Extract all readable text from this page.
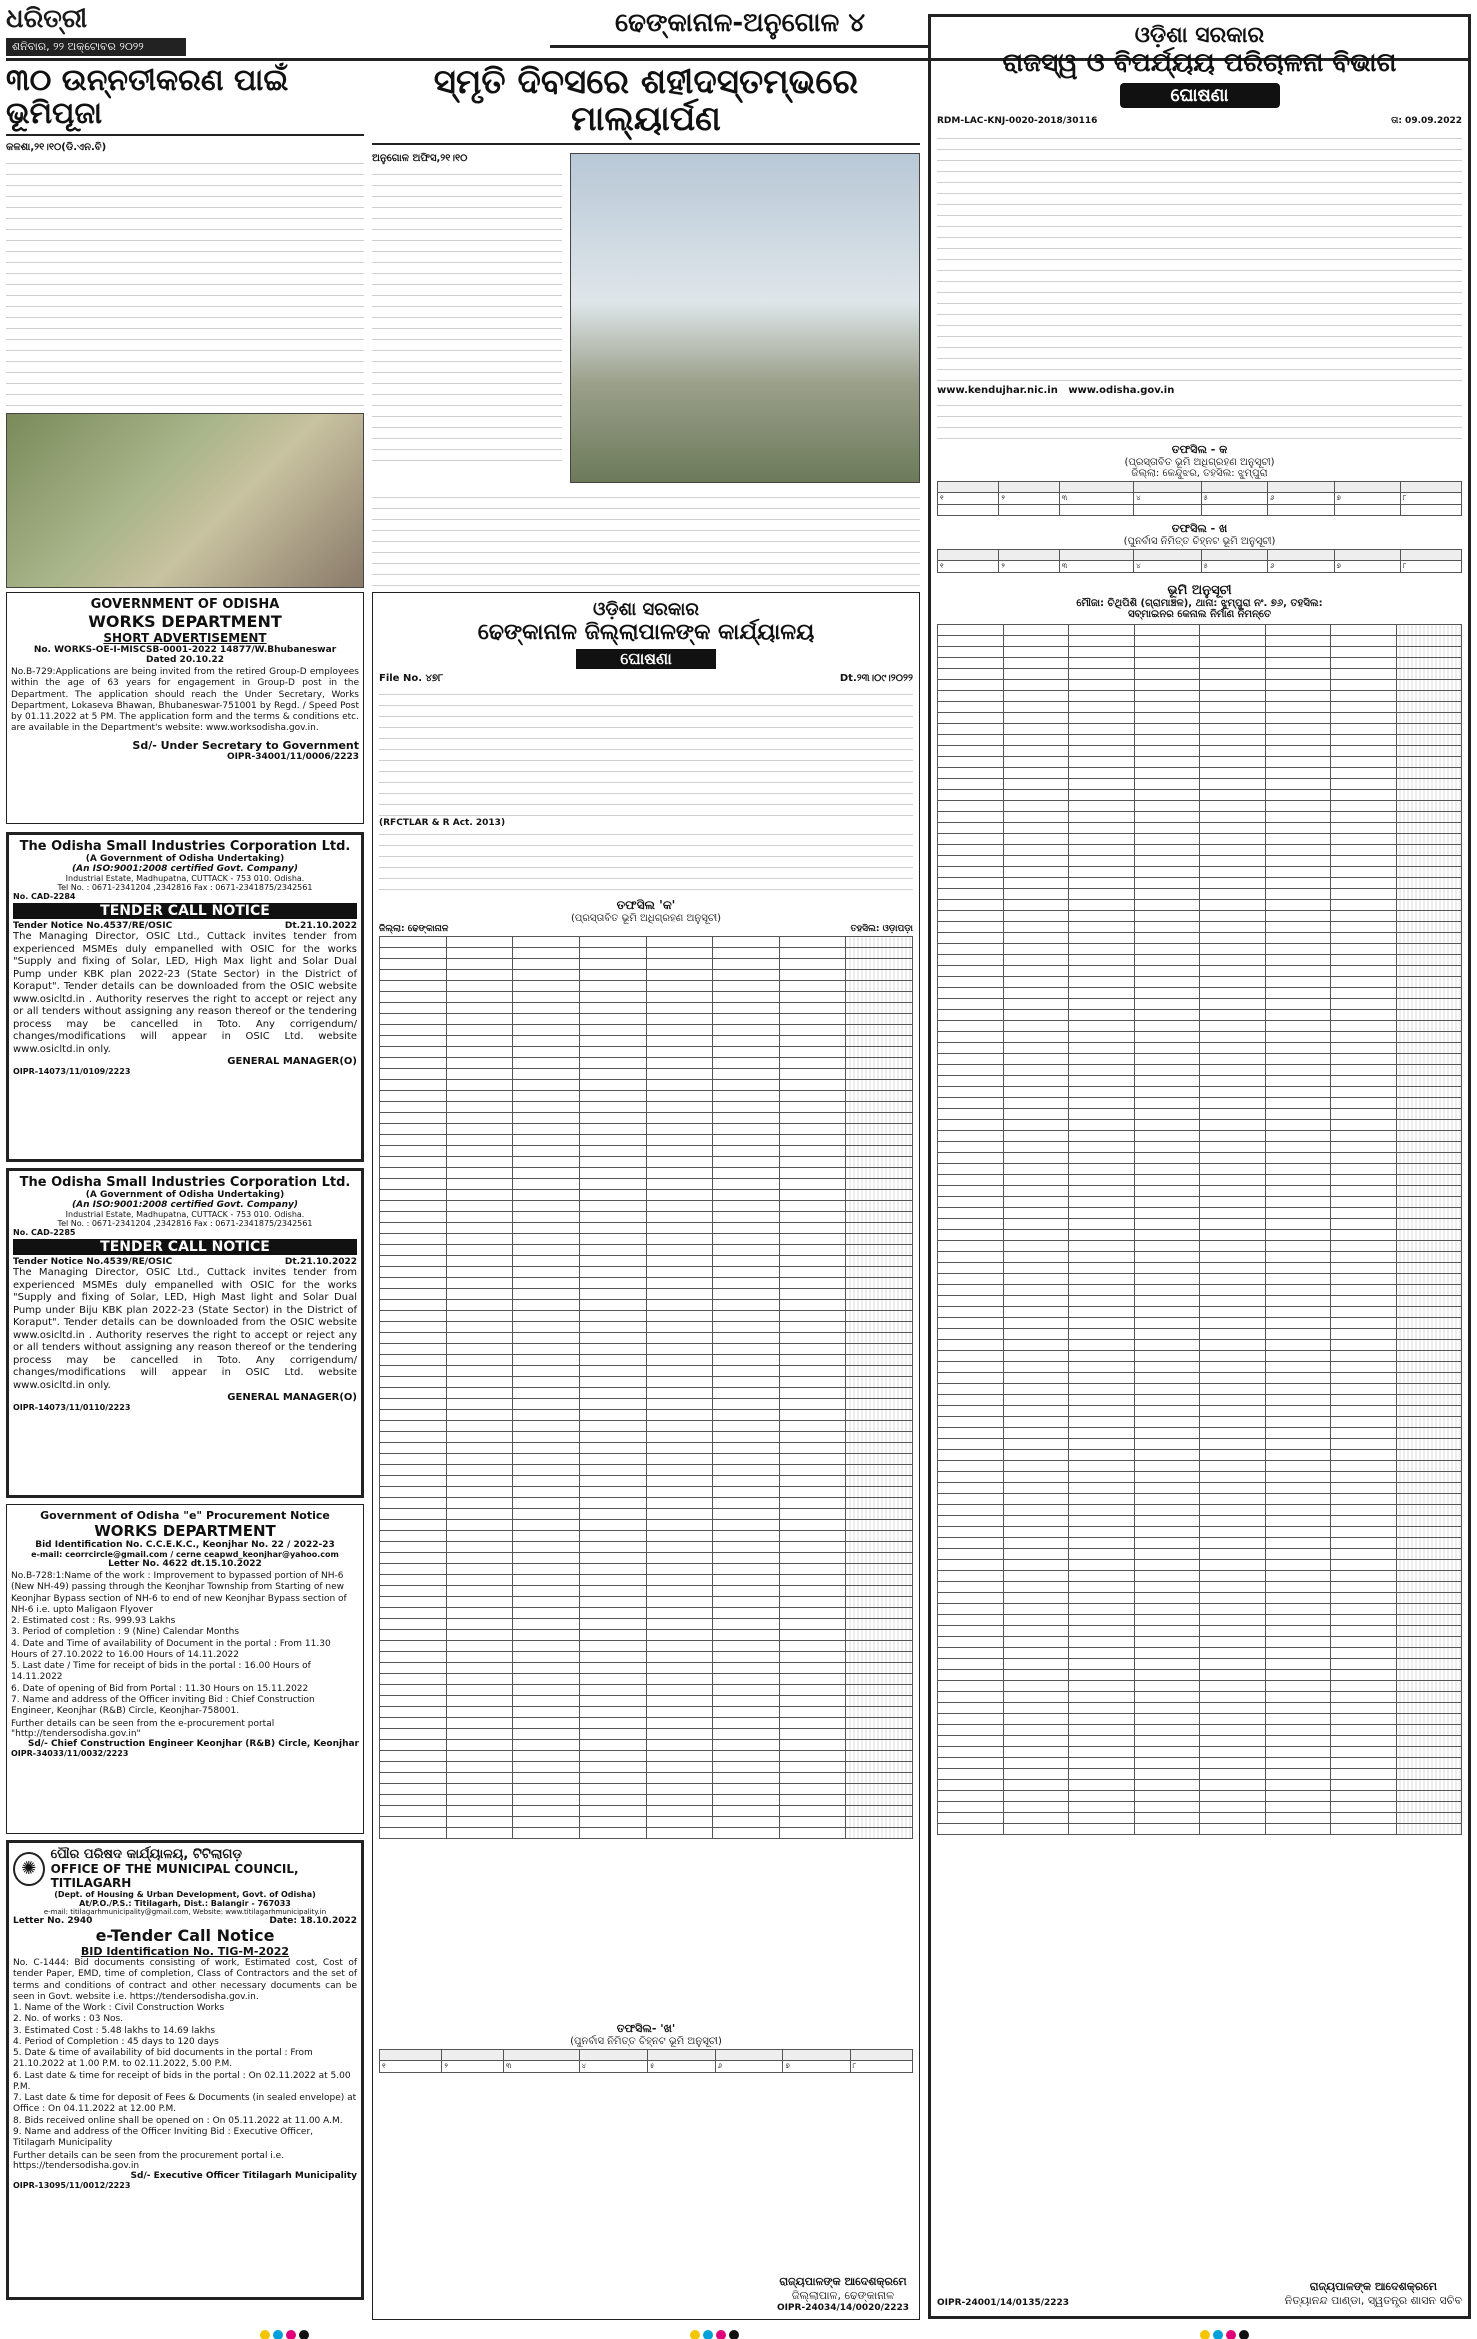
ଧରିତ୍ରୀ
ଶନିବାର, ୨୨ ଅକ୍ଟୋବର ୨୦୨୨
ଢେଙ୍କାନାଳ-ଅନୁଗୋଳ ୪
୩୦ ଉନ୍ନତୀକରଣ ପାଇଁ ଭୂମିପୂଜା
କଳଶା,୨୧।୧୦(ଡି.ଏନ.ବି)
ସ୍ମୃତି ଦିବସରେ ଶହୀଦସ୍ତମ୍ଭରେ ମାଲ୍ୟାର୍ପଣ
ଅନୁଗୋଳ ଅଫିସ,୨୧।୧୦
ଓଡ଼ିଶା ସରକାର
ରାଜସ୍ୱ ଓ ବିପର୍ଯ୍ୟୟ ପରିଚାଳନା ବିଭାଗ
ଘୋଷଣା
RDM-LAC-KNJ-0020-2018/30116	ତା: 09.09.2022
www.kendujhar.nic.in www.odisha.gov.in
ତଫସିଲ - କ
(ପ୍ରସ୍ତାବିତ ଭୂମି ଅଧିଗ୍ରହଣ ଅନୁସୂଚୀ)
ଜିଲ୍ଲା: କେନ୍ଦୁଝର, ତହସିଲ: ଝୁମ୍ପୁରା

୧	୨	୩	୪	୫	୬	୭	୮

ତଫସିଲ - ଖ
(ପୁନର୍ବାସ ନିମିତ୍ତ ଚିହ୍ନଟ ଭୂମି ଅନୁସୂଚୀ)

୧	୨	୩	୪	୫	୬	୭	୮
ଭୂମି ଅନୁସୂଚୀ
ମୌଜା: ଚିଥିପିଶି (ଗ୍ରାମାଞ୍ଚଳ), ଥାନା: ଝୁମ୍ପୁରା ନଂ. ୭୬, ତହସିଲ:
ସବ୍‌ମାଇନର କେନାଲ ନିର୍ମାଣ ନିମନ୍ତେ

OIPR-24001/14/0135/2223
ରାଜ୍ୟପାଳଙ୍କ ଆଦେଶକ୍ରମେ
ନିତ୍ୟାନନ୍ଦ ପାଣ୍ଡା, ସ୍ୱତନ୍ତ୍ର ଶାସନ ସଚିବ
GOVERNMENT OF ODISHA
WORKS DEPARTMENT
SHORT ADVERTISEMENT
No. WORKS-OE-I-MISCSB-0001-2022 14877/W.Bhubaneswar
Dated 20.10.22
No.B-729:Applications are being invited from the retired Group-D employees within the age of 63 years for engagement in Group-D post in the Department. The application should reach the Under Secretary, Works Department, Lokaseva Bhawan, Bhubaneswar-751001 by Regd. / Speed Post by 01.11.2022 at 5 PM. The application form and the terms & conditions etc. are available in the Department's website: www.worksodisha.gov.in.
Sd/- Under Secretary to Government
OIPR-34001/11/0006/2223
The Odisha Small Industries Corporation Ltd.
(A Government of Odisha Undertaking)
(An ISO:9001:2008 certified Govt. Company)
Industrial Estate, Madhupatna, CUTTACK - 753 010. Odisha.
Tel No. : 0671-2341204 ,2342816 Fax : 0671-2341875/2342561
No. CAD-2284
TENDER CALL NOTICE
Tender Notice No.4537/RE/OSIC	Dt.21.10.2022
The Managing Director, OSIC Ltd., Cuttack invites tender from experienced MSMEs duly empanelled with OSIC for the works "Supply and fixing of Solar, LED, High Max light and Solar Dual Pump under KBK plan 2022-23 (State Sector) in the District of Koraput". Tender details can be downloaded from the OSIC website www.osicltd.in . Authority reserves the right to accept or reject any or all tenders without assigning any reason thereof or the tendering process may be cancelled in Toto. Any corrigendum/ changes/modifications will appear in OSIC Ltd. website www.osicltd.in only.
GENERAL MANAGER(O)
OIPR-14073/11/0109/2223
The Odisha Small Industries Corporation Ltd.
(A Government of Odisha Undertaking)
(An ISO:9001:2008 certified Govt. Company)
Industrial Estate, Madhupatna, CUTTACK - 753 010. Odisha.
Tel No. : 0671-2341204 ,2342816 Fax : 0671-2341875/2342561
No. CAD-2285
TENDER CALL NOTICE
Tender Notice No.4539/RE/OSIC	Dt.21.10.2022
The Managing Director, OSIC Ltd., Cuttack invites tender from experienced MSMEs duly empanelled with OSIC for the works "Supply and fixing of Solar, LED, High Mast light and Solar Dual Pump under Biju KBK plan 2022-23 (State Sector) in the District of Koraput". Tender details can be downloaded from the OSIC website www.osicltd.in . Authority reserves the right to accept or reject any or all tenders without assigning any reason thereof or the tendering process may be cancelled in Toto. Any corrigendum/ changes/modifications will appear in OSIC Ltd. website www.osicltd.in only.
GENERAL MANAGER(O)
OIPR-14073/11/0110/2223
Government of Odisha "e" Procurement Notice
WORKS DEPARTMENT
Bid Identification No. C.C.E.K.C., Keonjhar No. 22 / 2022-23
e-mail: ceorrcircle@gmail.com / cerne ceapwd_keonjhar@yahoo.com
Letter No. 4622 dt.15.10.2022
No.B-728:1:Name of the work : Improvement to bypassed portion of NH-6 (New NH-49) passing through the Keonjhar Township from Starting of new Keonjhar Bypass section of NH-6 to end of new Keonjhar Bypass section of NH-6 i.e. upto Maligaon Flyover
2. Estimated cost : Rs. 999.93 Lakhs
3. Period of completion : 9 (Nine) Calendar Months
4. Date and Time of availability of Document in the portal : From 11.30 Hours of 27.10.2022 to 16.00 Hours of 14.11.2022
5. Last date / Time for receipt of bids in the portal : 16.00 Hours of 14.11.2022
6. Date of opening of Bid from Portal : 11.30 Hours on 15.11.2022
7. Name and address of the Officer inviting Bid : Chief Construction Engineer, Keonjhar (R&B) Circle, Keonjhar-758001.
Further details can be seen from the e-procurement portal "http://tendersodisha.gov.in"
Sd/- Chief Construction Engineer Keonjhar (R&B) Circle, Keonjhar
OIPR-34033/11/0032/2223
✺
ପୌର ପରିଷଦ କାର୍ଯ୍ୟାଳୟ, ଟିଟିଲାଗଡ଼
OFFICE OF THE MUNICIPAL COUNCIL, TITILAGARH
(Dept. of Housing & Urban Development, Govt. of Odisha)
At/P.O./P.S.: Titilagarh, Dist.: Balangir - 767033
e-mail: titilagarhmunicipality@gmail.com, Website: www.titilagarhmunicipality.in
Letter No. 2940	Date: 18.10.2022
e-Tender Call Notice
BID Identification No. TIG-M-2022
No. C-1444: Bid documents consisting of work, Estimated cost, Cost of tender Paper, EMD, time of completion, Class of Contractors and the set of terms and conditions of contract and other necessary documents can be seen in Govt. website i.e. https://tendersodisha.gov.in.
1. Name of the Work : Civil Construction Works
2. No. of works : 03 Nos.
3. Estimated Cost : 5.48 lakhs to 14.69 lakhs
4. Period of Completion : 45 days to 120 days
5. Date & time of availability of bid documents in the portal : From 21.10.2022 at 1.00 P.M. to 02.11.2022, 5.00 P.M.
6. Last date & time for receipt of bids in the portal : On 02.11.2022 at 5.00 P.M.
7. Last date & time for deposit of Fees & Documents (in sealed envelope) at Office : On 04.11.2022 at 12.00 P.M.
8. Bids received online shall be opened on : On 05.11.2022 at 11.00 A.M.
9. Name and address of the Officer Inviting Bid : Executive Officer, Titilagarh Municipality
Further details can be seen from the procurement portal i.e. https://tendersodisha.gov.in
Sd/- Executive Officer Titilagarh Municipality
OIPR-13095/11/0012/2223
ଓଡ଼ିଶା ସରକାର
ଢେଙ୍କାନାଳ ଜିଲ୍ଲାପାଳଙ୍କ କାର୍ଯ୍ୟାଳୟ
ଘୋଷଣା
File No. ୪୭୮	Dt.୨୩।୦୯।୨୦୨୨
(RFCTLAR & R Act. 2013)
ତଫସିଲ 'କ'
(ପ୍ରସ୍ତାବିତ ଭୂମି ଅଧିଗ୍ରହଣ ଅନୁସୂଚୀ)
ଜିଲ୍ଲା: ଢେଙ୍କାନାଳ	ତହସିଲ: ଓଡ଼ାପଡ଼ା

ତଫସିଲ- 'ଖ'
(ପୁନର୍ବାସ ନିମିତ୍ତ ଚିହ୍ନଟ ଭୂମି ଅନୁସୂଚୀ)

୧	୨	୩	୪	୫	୬	୭	୮
ରାଜ୍ୟପାଳଙ୍କ ଆଦେଶକ୍ରମେ
ଜିଲ୍ଲାପାଳ, ଢେଙ୍କାନାଳ
OIPR-24034/14/0020/2223
